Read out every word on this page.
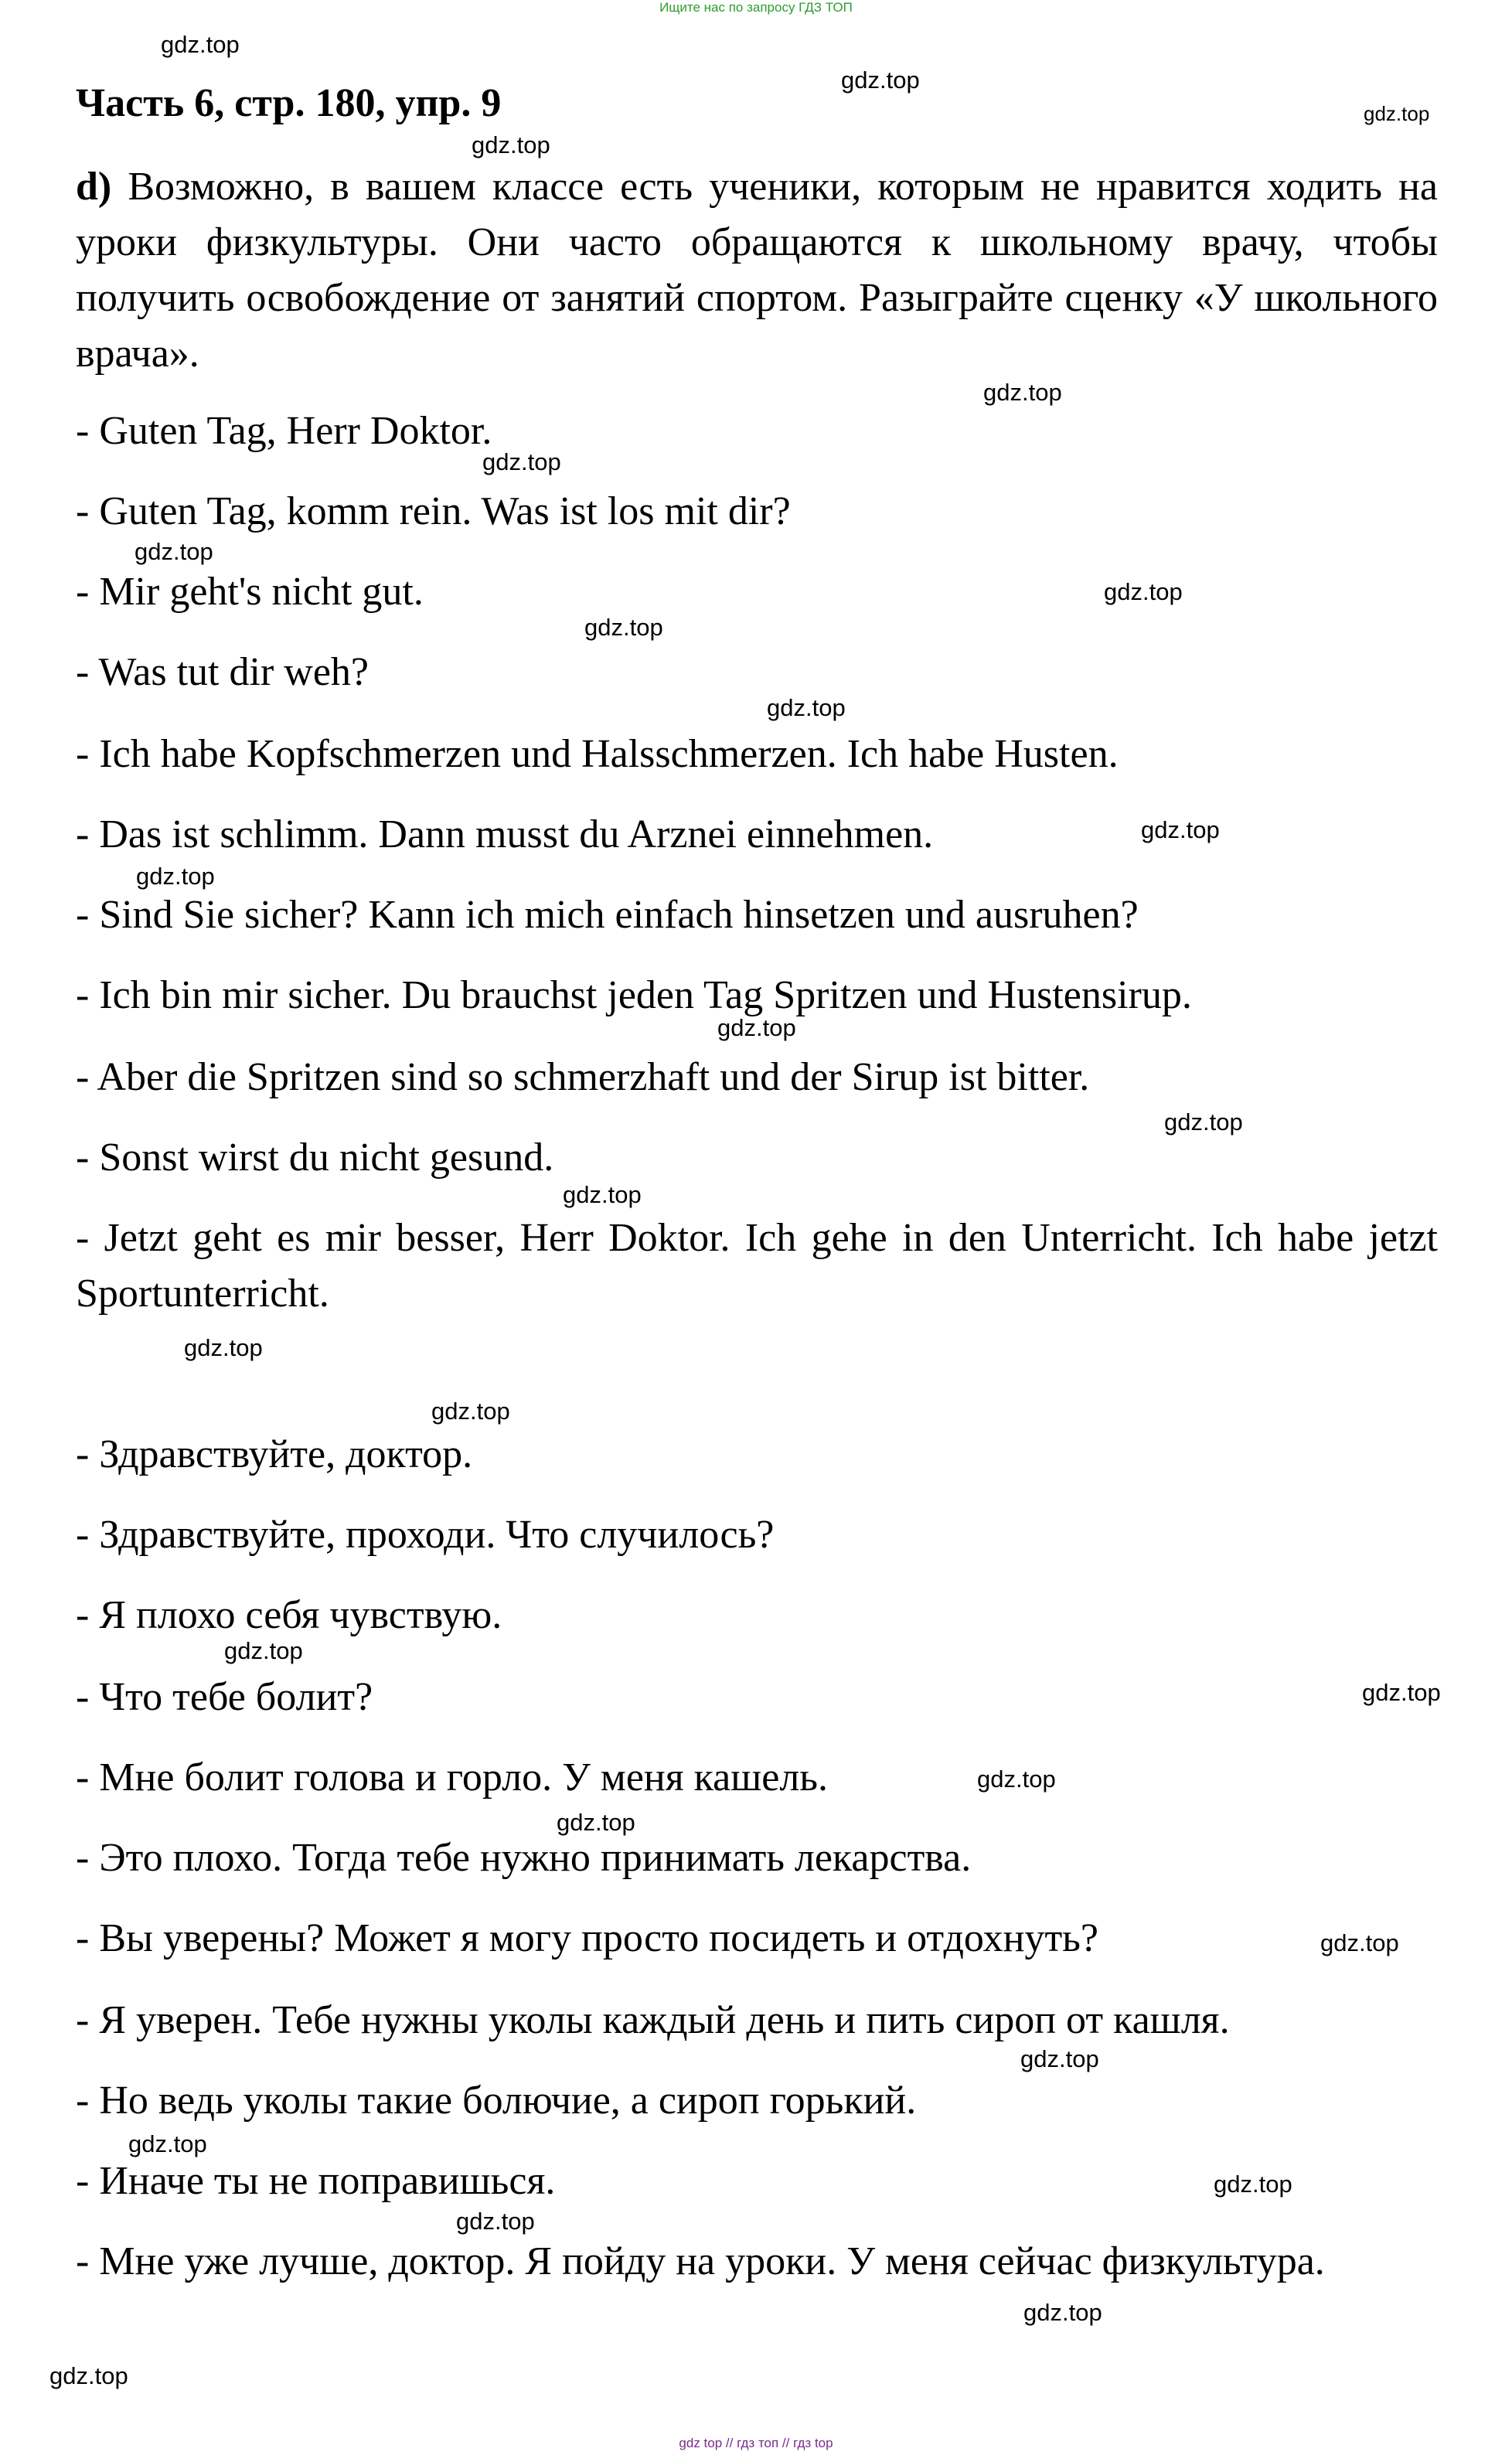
Ищите нас по запросу ГДЗ ТОП
Часть 6, стр. 180, упр. 9
d) Возможно, в вашем классе есть ученики, которым не нравится ходить на уроки физкультуры. Они часто обращаются к школьному врачу, чтобы получить освобождение от занятий спортом. Разыграйте сценку «У школьного врача».
- Guten Tag, Herr Doktor.
- Guten Tag, komm rein. Was ist los mit dir?
- Mir geht's nicht gut.
- Was tut dir weh?
- Ich habe Kopfschmerzen und Halsschmerzen. Ich habe Husten.
- Das ist schlimm. Dann musst du Arznei einnehmen.
- Sind Sie sicher? Kann ich mich einfach hinsetzen und ausruhen?
- Ich bin mir sicher. Du brauchst jeden Tag Spritzen und Hustensirup.
- Aber die Spritzen sind so schmerzhaft und der Sirup ist bitter.
- Sonst wirst du nicht gesund.
- Jetzt geht es mir besser, Herr Doktor. Ich gehe in den Unterricht. Ich habe jetzt Sportunterricht.
- Здравствуйте, доктор.
- Здравствуйте, проходи. Что случилось?
- Я плохо себя чувствую.
- Что тебе болит?
- Мне болит голова и горло. У меня кашель.
- Это плохо. Тогда тебе нужно принимать лекарства.
- Вы уверены? Может я могу просто посидеть и отдохнуть?
- Я уверен. Тебе нужны уколы каждый день и пить сироп от кашля.
- Но ведь уколы такие болючие, а сироп горький.
- Иначе ты не поправишься.
- Мне уже лучше, доктор. Я пойду на уроки. У меня сейчас физкультура.
gdz.top
gdz.top
gdz.top
gdz.top
gdz.top
gdz.top
gdz.top
gdz.top
gdz.top
gdz.top
gdz.top
gdz.top
gdz.top
gdz.top
gdz.top
gdz.top
gdz.top
gdz.top
gdz.top
gdz.top
gdz.top
gdz.top
gdz.top
gdz.top
gdz.top
gdz.top
gdz.top
gdz.top
gdz top // гдз топ // гдз top
